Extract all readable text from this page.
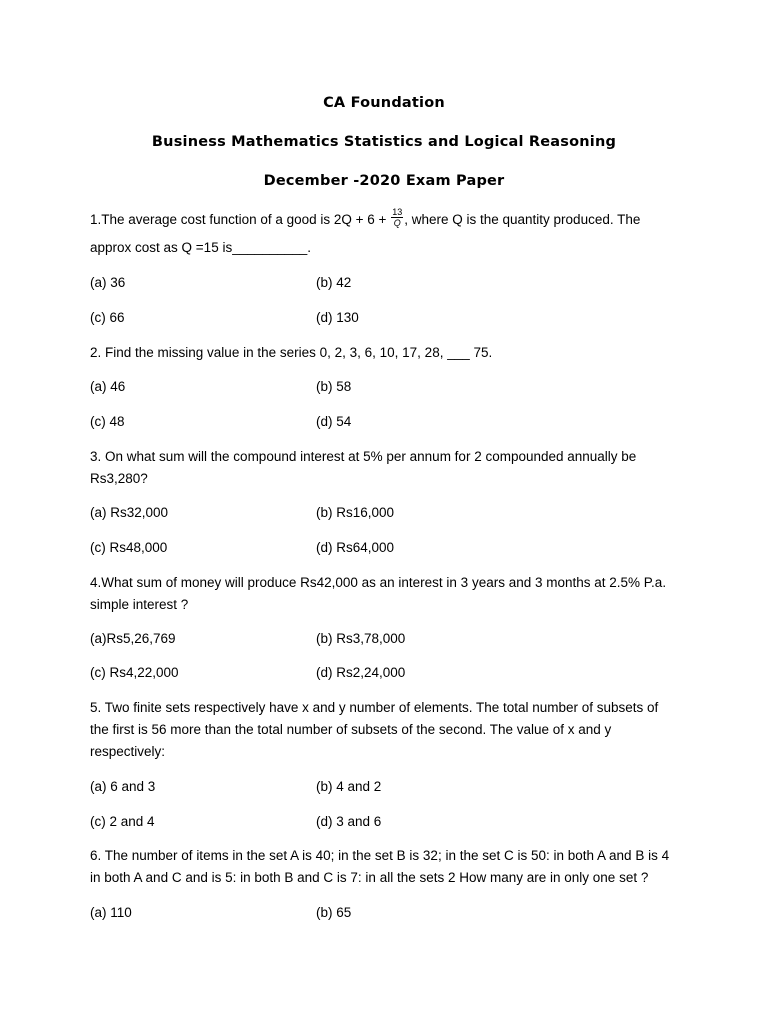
CA Foundation
Business Mathematics Statistics and Logical Reasoning
December -2020 Exam Paper
1.The average cost function of a good is $2Q + 6 + \frac{13}{Q}$ , where Q is the quantity produced. The
approx cost as Q =15 is__________.
(a) 36	(b) 42
(c) 66	(d) 130
2. Find the missing value in the series 0, 2, 3, 6, 10, 17, 28, ___ 75.
(a) 46	(b) 58
(c) 48	(d) 54
3. On what sum will the compound interest at 5% per annum for 2 compounded annually be
Rs3,280?
(a) Rs32,000	(b) Rs16,000
(c) Rs48,000	(d) Rs64,000
4.What sum of money will produce Rs42,000 as an interest in 3 years and 3 months at 2.5% P.a.
simple interest ?
(a)Rs5,26,769	(b) Rs3,78,000
(c) Rs4,22,000	(d) Rs2,24,000
5. Two finite sets respectively have x and y number of elements. The total number of subsets of
the first is 56 more than the total number of subsets of the second. The value of x and y
respectively:
(a) 6 and 3	(b) 4 and 2
(c) 2 and 4	(d) 3 and 6
6. The number of items in the set A is 40; in the set B is 32; in the set C is 50: in both A and B is 4
in both A and C and is 5: in both B and C is 7: in all the sets 2 How many are in only one set ?
(a) 110	(b) 65
